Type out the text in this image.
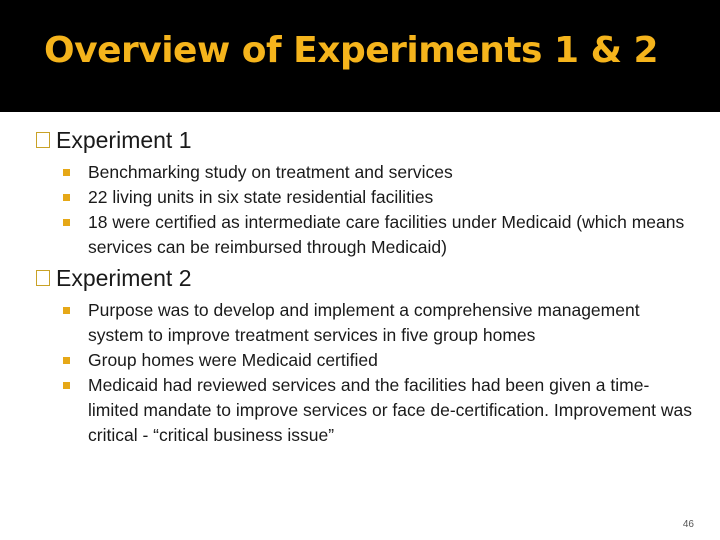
Overview of Experiments 1 & 2
Experiment 1
Benchmarking study on treatment and services
22 living units in six state residential facilities
18 were certified as intermediate care facilities under Medicaid (which means services can be reimbursed through Medicaid)
Experiment 2
Purpose was to develop and implement a comprehensive management system to improve treatment services in five group homes
Group homes were Medicaid certified
Medicaid had reviewed services and the facilities had been given a time-limited mandate to improve services or face de-certification. Improvement was critical - “critical business issue”
46
